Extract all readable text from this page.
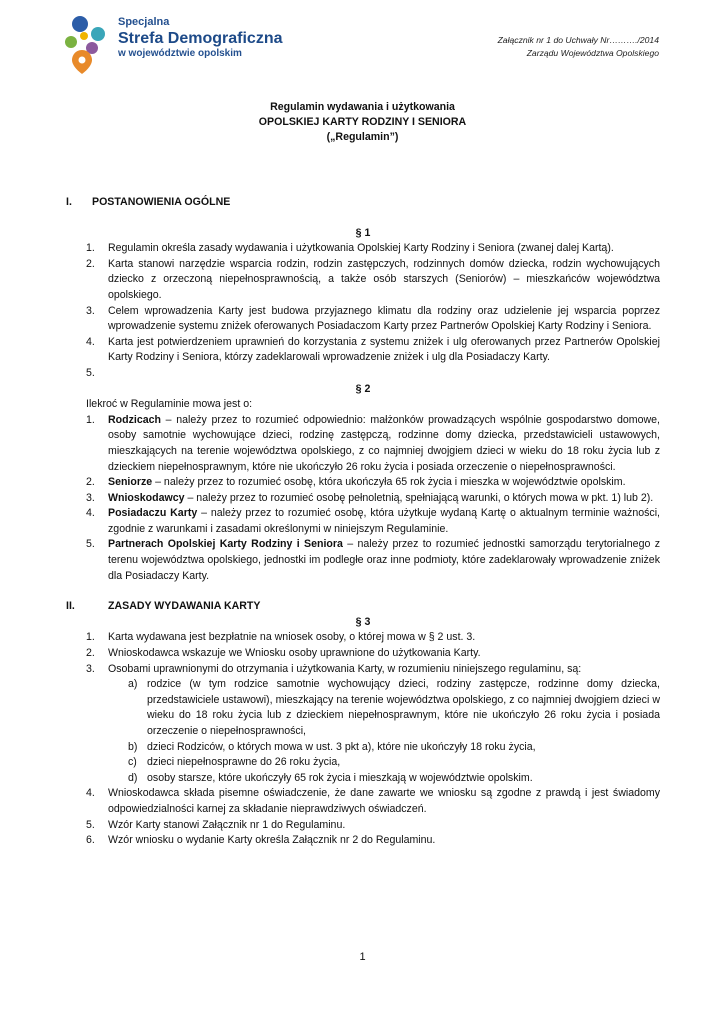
Specjalna
Strefa Demograficzna
w województwie opolskim
Załącznik nr 1 do Uchwały Nr………./2014
Zarządu Województwa Opolskiego
Regulamin wydawania i użytkowania
OPOLSKIEJ KARTY RODZINY I SENIORA
(„Regulamin”)
I.	POSTANOWIENIA OGÓLNE
§ 1
1. Regulamin określa zasady wydawania i użytkowania Opolskiej Karty Rodziny i Seniora (zwanej dalej Kartą).
2. Karta stanowi narzędzie wsparcia rodzin, rodzin zastępczych, rodzinnych domów dziecka, rodzin wychowujących dziecko z orzeczoną niepełnosprawnością, a także osób starszych (Seniorów) – mieszkańców województwa opolskiego.
3. Celem wprowadzenia Karty jest budowa przyjaznego klimatu dla rodziny oraz udzielenie jej wsparcia poprzez wprowadzenie systemu zniżek oferowanych Posiadaczom Karty przez Partnerów Opolskiej Karty Rodziny i Seniora.
4. Karta jest potwierdzeniem uprawnień do korzystania z systemu zniżek i ulg oferowanych przez Partnerów Opolskiej Karty Rodziny i Seniora, którzy zadeklarowali wprowadzenie zniżek i ulg dla Posiadaczy Karty.
5.
§ 2
Ilekroć w Regulaminie mowa jest o:
1. Rodzicach – należy przez to rozumieć odpowiednio: małżonków prowadzących wspólnie gospodarstwo domowe, osoby samotnie wychowujące dzieci, rodzinę zastępczą, rodzinne domy dziecka, przedstawicieli ustawowych, mieszkających na terenie województwa opolskiego, z co najmniej dwojgiem dzieci w wieku do 18 roku życia lub z dzieckiem niepełnosprawnym, które nie ukończyło 26 roku życia i posiada orzeczenie o niepełnosprawności.
2. Seniorze – należy przez to rozumieć osobę, która ukończyła 65 rok życia i mieszka w województwie opolskim.
3. Wnioskodawcy – należy przez to rozumieć osobę pełnoletnią, spełniającą warunki, o których mowa w pkt. 1) lub 2).
4. Posiadaczu Karty – należy przez to rozumieć osobę, która użytkuje wydaną Kartę o aktualnym terminie ważności, zgodnie z warunkami i zasadami określonymi w niniejszym Regulaminie.
5. Partnerach Opolskiej Karty Rodziny i Seniora – należy przez to rozumieć jednostki samorządu terytorialnego z terenu województwa opolskiego, jednostki im podległe oraz inne podmioty, które zadeklarowały wprowadzenie zniżek dla Posiadaczy Karty.
II.	ZASADY WYDAWANIA KARTY
§ 3
1. Karta wydawana jest bezpłatnie na wniosek osoby, o której mowa w § 2 ust. 3.
2. Wnioskodawca wskazuje we Wniosku osoby uprawnione do użytkowania Karty.
3. Osobami uprawnionymi do otrzymania i użytkowania Karty, w rozumieniu niniejszego regulaminu, są:
a) rodzice (w tym rodzice samotnie wychowujący dzieci, rodziny zastępcze, rodzinne domy dziecka, przedstawiciele ustawowi), mieszkający na terenie województwa opolskiego, z co najmniej dwojgiem dzieci w wieku do 18 roku życia lub z dzieckiem niepełnosprawnym, które nie ukończyło 26 roku życia i posiada orzeczenie o niepełnosprawności,
b) dzieci Rodziców, o których mowa w ust. 3 pkt a), które nie ukończyły 18 roku życia,
c) dzieci niepełnosprawne do 26 roku życia,
d) osoby starsze, które ukończyły 65 rok życia i mieszkają w województwie opolskim.
4. Wnioskodawca składa pisemne oświadczenie, że dane zawarte we wniosku są zgodne z prawdą i jest świadomy odpowiedzialności karnej za składanie nieprawdziwych oświadczeń.
5. Wzór Karty stanowi Załącznik nr 1 do Regulaminu.
6. Wzór wniosku o wydanie Karty określa Załącznik nr 2 do Regulaminu.
1
